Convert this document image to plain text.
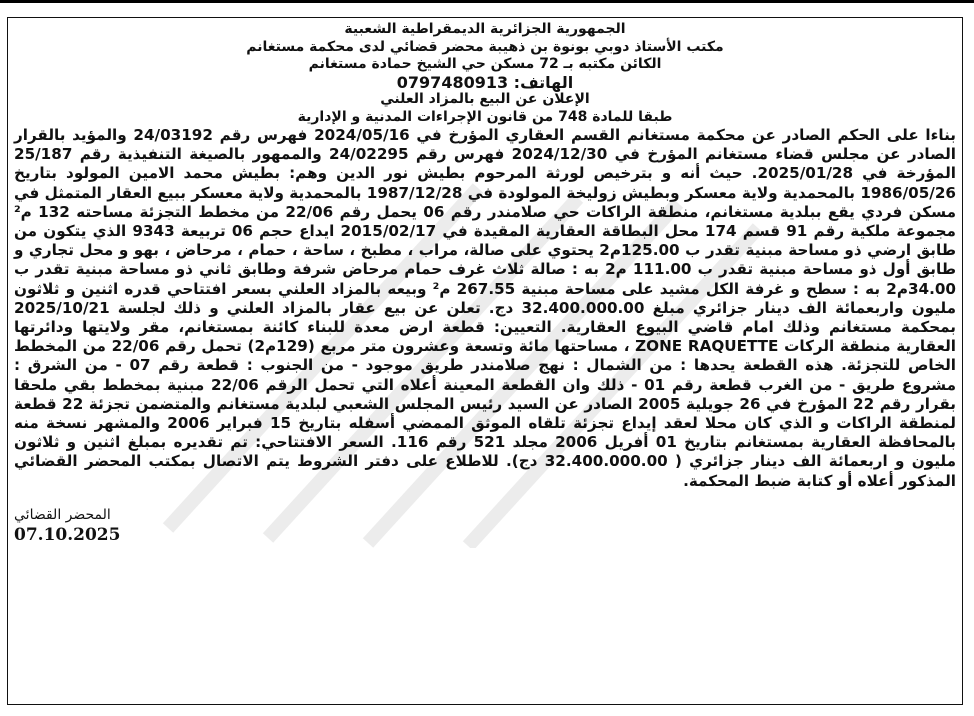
الجمهورية الجزائرية الديمقراطية الشعبية
مكتب الأستاذ دوبي بونوة بن ذهيبة محضر قضائي لدى محكمة مستغانم
الكائن مكتبه بـ 72 مسكن حي الشيخ حمادة مستغانم
الهاتف: 0797480913
الإعلان عن البيع بالمزاد العلني
طبقا للمادة 748 من قانون الإجراءات المدنية و الإدارية
بناءا على الحكم الصادر عن محكمة مستغانم القسم العقاري المؤرخ في 2024/05/16 فهرس رقم 24/03192 والمؤيد بالقرار الصادر عن مجلس قضاء مستغانم المؤرخ في 2024/12/30 فهرس رقم 24/02295 والممهور بالصيغة التنفيذية رقم 25/187 المؤرخة في 2025/01/28. حيث أنه و بترخيص لورثة المرحوم بطيش نور الدين وهم: بطيش محمد الامين المولود بتاريخ 1986/05/26 بالمحمدية ولاية معسكر وبطيش زوليخة المولودة في 1987/12/28 بالمحمدية ولاية معسكر ببيع العقار المتمثل في مسكن فردي يقع ببلدية مستغانم، منطقة الراكات حي صلامندر رقم 06 يحمل رقم 22/06 من مخطط التجزئة مساحته 132 م² مجموعة ملكية رقم 91 قسم 174 محل البطاقة العقارية المقيدة في 2015/02/17 ايداع حجم 06 تربيعة 9343 الذي يتكون من طابق ارضي ذو مساحة مبنية تقدر ب 125.00م2 يحتوي على صالة، مراب ، مطبخ ، ساحة ، حمام ، مرحاض ، بهو و محل تجاري و طابق أول ذو مساحة مبنية تقدر ب 111.00 م2 به : صالة ثلاث غرف حمام مرحاض شرفة وطابق ثاني ذو مساحة مبنية تقدر ب 34.00م2 به : سطح و غرفة الكل مشيد على مساحة مبنية 267.55 م² وبيعه بالمزاد العلني بسعر افتتاحي قدره اثنين و ثلاثون مليون واربعمائة الف دينار جزائري مبلغ 32.400.000.00 دج. تعلن عن بيع عقار بالمزاد العلني و ذلك لجلسة 2025/10/21 بمحكمة مستغانم وذلك امام قاضي البيوع العقارية. التعيين: قطعة ارض معدة للبناء كائنة بمستغانم، مقر ولايتها ودائرتها العقارية منطقة الركات ZONE RAQUETTE ، مساحتها مائة وتسعة وعشرون متر مربع (129م2) تحمل رقم 22/06 من المخطط الخاص للتجزئة. هذه القطعة يحدها : من الشمال : نهج صلامندر طريق موجود - من الجنوب : قطعة رقم 07 - من الشرق : مشروع طريق - من الغرب قطعة رقم 01 - ذلك وان القطعة المعينة أعلاه التي تحمل الرقم 22/06 مبنية بمخطط بقي ملحقا بقرار رقم 22 المؤرخ في 26 جويلية 2005 الصادر عن السيد رئيس المجلس الشعبي لبلدية مستغانم والمتضمن تجزئة 22 قطعة لمنطقة الراكات و الذي كان محلا لعقد إيداع تجزئة تلقاه الموثق الممضي أسفله بتاريخ 15 فبراير 2006 والمشهر نسخة منه بالمحافظة العقارية بمستغانم بتاريخ 01 أفريل 2006 مجلد 521 رقم 116. السعر الافتتاحي: تم تقديره بمبلغ اثنين و ثلاثون مليون و اربعمائة الف دينار جزائري ( 32.400.000.00 دج). للاطلاع على دفتر الشروط يتم الاتصال بمكتب المحضر القضائي المذكور أعلاه أو كتابة ضبط المحكمة.
المحضر القضائي
07.10.2025
